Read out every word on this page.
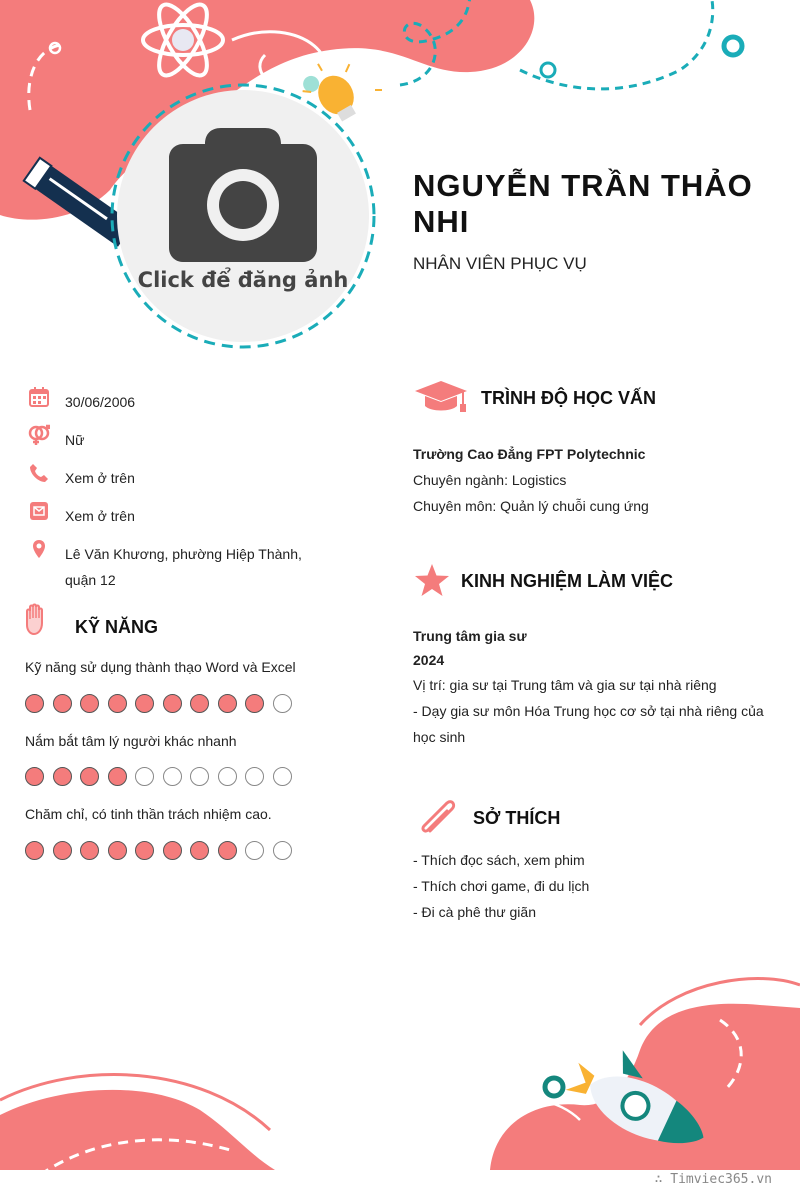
Click để đăng ảnh
NGUYỄN TRẦN THẢO NHI
NHÂN VIÊN PHỤC VỤ
30/06/2006
Nữ
Xem ở trên
Xem ở trên
Lê Văn Khương, phường Hiệp Thành, quận 12
KỸ NĂNG
Kỹ năng sử dụng thành thạo Word và Excel
Nắm bắt tâm lý người khác nhanh
Chăm chỉ, có tinh thần trách nhiệm cao.
TRÌNH ĐỘ HỌC VẤN
Trường Cao Đẳng FPT Polytechnic
Chuyên ngành: Logistics
Chuyên môn: Quản lý chuỗi cung ứng
KINH NGHIỆM LÀM VIỆC
Trung tâm gia sư
2024
Vị trí: gia sư tại Trung tâm và gia sư tại nhà riêng
- Dạy gia sư môn Hóa Trung học cơ sở tại nhà riêng của học sinh
SỞ THÍCH
- Thích đọc sách, xem phim
- Thích chơi game, đi du lịch
- Đi cà phê thư giãn
∴ Timviec365.vn
